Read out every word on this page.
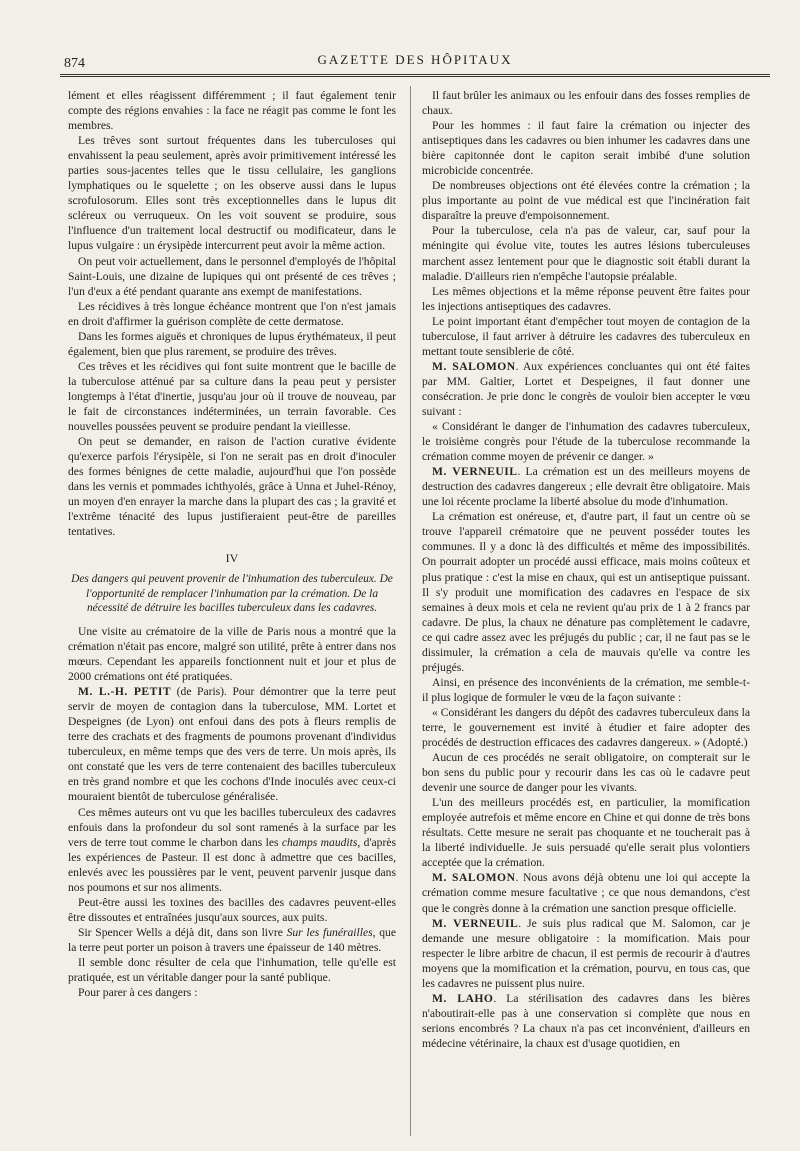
874	GAZETTE DES HÔPITAUX

lément et elles réagissent différemment ; il faut également tenir compte des régions envahies : la face ne réagit pas comme le font les membres.

Les trêves sont surtout fréquentes dans les tuberculoses qui envahissent la peau seulement, après avoir primitivement intéressé les parties sous-jacentes telles que le tissu cellulaire, les ganglions lymphatiques ou le squelette ; on les observe aussi dans le lupus scrofulosorum. Elles sont très exceptionnelles dans le lupus dit scléreux ou verruqueux. On les voit souvent se produire, sous l'influence d'un traitement local destructif ou modificateur, dans le lupus vulgaire : un érysipède intercurrent peut avoir la même action.

On peut voir actuellement, dans le personnel d'employés de l'hôpital Saint-Louis, une dizaine de lupiques qui ont présenté de ces trêves ; l'un d'eux a été pendant quarante ans exempt de manifestations.

Les récidives à très longue échéance montrent que l'on n'est jamais en droit d'affirmer la guérison complète de cette dermatose.

Dans les formes aiguës et chroniques de lupus érythémateux, il peut également, bien que plus rarement, se produire des trêves.

Ces trêves et les récidives qui font suite montrent que le bacille de la tuberculose atténué par sa culture dans la peau peut y persister longtemps à l'état d'inertie, jusqu'au jour où il trouve de nouveau, par le fait de circonstances indéterminées, un terrain favorable. Ces nouvelles poussées peuvent se produire pendant la vieillesse.

On peut se demander, en raison de l'action curative évidente qu'exerce parfois l'érysipèle, si l'on ne serait pas en droit d'inoculer des formes bénignes de cette maladie, aujourd'hui que l'on possède dans les vernis et pommades ichthyolés, grâce à Unna et Juhel-Rénoy, un moyen d'en enrayer la marche dans la plupart des cas ; la gravité et l'extrême ténacité des lupus justifieraient peut-être de pareilles tentatives.

IV
Des dangers qui peuvent provenir de l'inhumation des tuberculeux. De l'opportunité de remplacer l'inhumation par la crémation. De la nécessité de détruire les bacilles tuberculeux dans les cadavres.

Une visite au crématoire de la ville de Paris nous a montré que la crémation n'était pas encore, malgré son utilité, prête à entrer dans nos mœurs. Cependant les appareils fonctionnent nuit et jour et plus de 2000 crémations ont été pratiquées.

M. L.-H. PETIT (de Paris). Pour démontrer que la terre peut servir de moyen de contagion dans la tuberculose, MM. Lortet et Despeignes (de Lyon) ont enfoui dans des pots à fleurs remplis de terre des crachats et des fragments de poumons provenant d'individus tuberculeux, en même temps que des vers de terre. Un mois après, ils ont constaté que les vers de terre contenaient des bacilles tuberculeux en très grand nombre et que les cochons d'Inde inoculés avec ceux-ci mouraient bientôt de tuberculose généralisée.

Ces mêmes auteurs ont vu que les bacilles tuberculeux des cadavres enfouis dans la profondeur du sol sont ramenés à la surface par les vers de terre tout comme le charbon dans les champs maudits, d'après les expériences de Pasteur. Il est donc à admettre que ces bacilles, enlevés avec les poussières par le vent, peuvent parvenir jusque dans nos poumons et sur nos aliments.

Peut-être aussi les toxines des bacilles des cadavres peuvent-elles être dissoutes et entraînées jusqu'aux sources, aux puits.

Sir Spencer Wells a déjà dit, dans son livre Sur les funérailles, que la terre peut porter un poison à travers une épaisseur de 140 mètres.

Il semble donc résulter de cela que l'inhumation, telle qu'elle est pratiquée, est un véritable danger pour la santé publique.

Pour parer à ces dangers :

Il faut brûler les animaux ou les enfouir dans des fosses remplies de chaux.

Pour les hommes : il faut faire la crémation ou injecter des antiseptiques dans les cadavres ou bien inhumer les cadavres dans une bière capitonnée dont le capiton serait imbibé d'une solution microbicide concentrée.

De nombreuses objections ont été élevées contre la crémation ; la plus importante au point de vue médical est que l'incinération fait disparaître la preuve d'empoisonnement.

Pour la tuberculose, cela n'a pas de valeur, car, sauf pour la méningite qui évolue vite, toutes les autres lésions tuberculeuses marchent assez lentement pour que le diagnostic soit établi durant la maladie. D'ailleurs rien n'empêche l'autopsie préalable.

Les mêmes objections et la même réponse peuvent être faites pour les injections antiseptiques des cadavres.

Le point important étant d'empêcher tout moyen de contagion de la tuberculose, il faut arriver à détruire les cadavres des tuberculeux en mettant toute sensiblerie de côté.

M. SALOMON. Aux expériences concluantes qui ont été faites par MM. Galtier, Lortet et Despeignes, il faut donner une consécration. Je prie donc le congrès de vouloir bien accepter le vœu suivant :

« Considérant le danger de l'inhumation des cadavres tuberculeux, le troisième congrès pour l'étude de la tuberculose recommande la crémation comme moyen de prévenir ce danger. »

M. VERNEUIL. La crémation est un des meilleurs moyens de destruction des cadavres dangereux ; elle devrait être obligatoire. Mais une loi récente proclame la liberté absolue du mode d'inhumation.

La crémation est onéreuse, et, d'autre part, il faut un centre où se trouve l'appareil crématoire que ne peuvent posséder toutes les communes. Il y a donc là des difficultés et même des impossibilités. On pourrait adopter un procédé aussi efficace, mais moins coûteux et plus pratique : c'est la mise en chaux, qui est un antiseptique puissant. Il s'y produit une momification des cadavres en l'espace de six semaines à deux mois et cela ne revient qu'au prix de 1 à 2 francs par cadavre. De plus, la chaux ne dénature pas complètement le cadavre, ce qui cadre assez avec les préjugés du public ; car, il ne faut pas se le dissimuler, la crémation a cela de mauvais qu'elle va contre les préjugés.

Ainsi, en présence des inconvénients de la crémation, me semble-t-il plus logique de formuler le vœu de la façon suivante :

« Considérant les dangers du dépôt des cadavres tuberculeux dans la terre, le gouvernement est invité à étudier et faire adopter des procédés de destruction efficaces des cadavres dangereux. » (Adopté.)

Aucun de ces procédés ne serait obligatoire, on compterait sur le bon sens du public pour y recourir dans les cas où le cadavre peut devenir une source de danger pour les vivants.

L'un des meilleurs procédés est, en particulier, la momification employée autrefois et même encore en Chine et qui donne de très bons résultats. Cette mesure ne serait pas choquante et ne toucherait pas à la liberté individuelle. Je suis persuadé qu'elle serait plus volontiers acceptée que la crémation.

M. SALOMON. Nous avons déjà obtenu une loi qui accepte la crémation comme mesure facultative ; ce que nous demandons, c'est que le congrès donne à la crémation une sanction presque officielle.

M. VERNEUIL. Je suis plus radical que M. Salomon, car je demande une mesure obligatoire : la momification. Mais pour respecter le libre arbitre de chacun, il est permis de recourir à d'autres moyens que la momification et la crémation, pourvu, en tous cas, que les cadavres ne puissent plus nuire.

M. LAHO. La stérilisation des cadavres dans les bières n'aboutirait-elle pas à une conservation si complète que nous en serions encombrés ? La chaux n'a pas cet inconvénient, d'ailleurs en médecine vétérinaire, la chaux est d'usage quotidien, en
